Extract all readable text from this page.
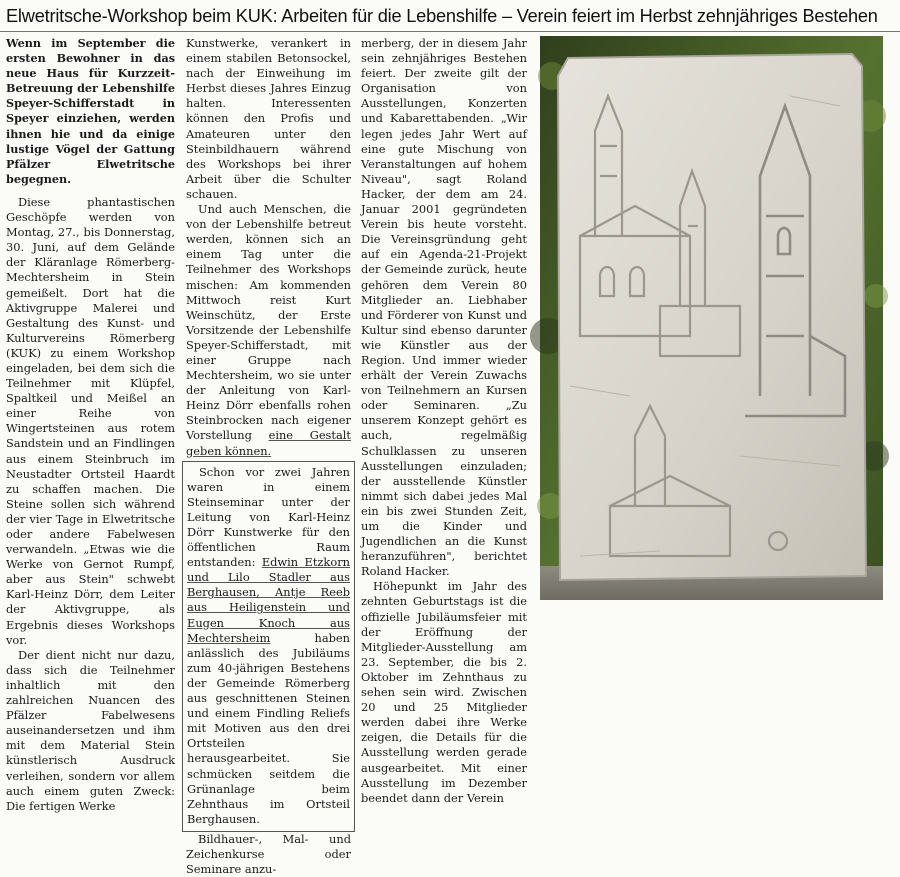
Elwetritsche-Workshop beim KUK: Arbeiten für die Lebenshilfe – Verein feiert im Herbst zehnjähriges Bestehen

Wenn im September die ersten Bewohner in das neue Haus für Kurzzeit-Betreuung der Lebenshilfe Speyer-Schifferstadt in Speyer einziehen, werden ihnen hie und da einige lustige Vögel der Gattung Pfälzer Elwetritsche begegnen.

Diese phantastischen Geschöpfe werden von Montag, 27., bis Donnerstag, 30. Juni, auf dem Gelände der Kläranlage Römerberg-Mechtersheim in Stein gemeißelt. Dort hat die Aktivgruppe Malerei und Gestaltung des Kunst- und Kulturvereins Römerberg (KUK) zu einem Workshop eingeladen, bei dem sich die Teilnehmer mit Klüpfel, Spaltkeil und Meißel an einer Reihe von Wingertsteinen aus rotem Sandstein und an Findlingen aus einem Steinbruch im Neustadter Ortsteil Haardt zu schaffen machen. Die Steine sollen sich während der vier Tage in Elwetritsche oder andere Fabelwesen verwandeln. „Etwas wie die Werke von Gernot Rumpf, aber aus Stein" schwebt Karl-Heinz Dörr, dem Leiter der Aktivgruppe, als Ergebnis dieses Workshops vor.

Der dient nicht nur dazu, dass sich die Teilnehmer inhaltlich mit den zahlreichen Nuancen des Pfälzer Fabelwesens auseinandersetzen und ihm mit dem Material Stein künstlerisch Ausdruck verleihen, sondern vor allem auch einem guten Zweck: Die fertigen Werke

Kunstwerke, verankert in einem stabilen Betonsockel, nach der Einweihung im Herbst dieses Jahres Einzug halten. Interessenten können den Profis und Amateuren unter den Steinbildhauern während des Workshops bei ihrer Arbeit über die Schulter schauen.

Und auch Menschen, die von der Lebenshilfe betreut werden, können sich an einem Tag unter die Teilnehmer des Workshops mischen: Am kommenden Mittwoch reist Kurt Weinschütz, der Erste Vorsitzende der Lebenshilfe Speyer-Schifferstadt, mit einer Gruppe nach Mechtersheim, wo sie unter der Anleitung von Karl-Heinz Dörr ebenfalls rohen Steinbrocken nach eigener Vorstellung eine Gestalt geben können.

Schon vor zwei Jahren waren in einem Steinseminar unter der Leitung von Karl-Heinz Dörr Kunstwerke für den öffentlichen Raum entstanden: Edwin Etzkorn und Lilo Stadler aus Berghausen, Antje Reeb aus Heiligenstein und Eugen Knoch aus Mechtersheim haben anlässlich des Jubiläums zum 40-jährigen Bestehens der Gemeinde Römerberg aus geschnittenen Steinen und einem Findling Reliefs mit Motiven aus den drei Ortsteilen herausgearbeitet. Sie schmücken seitdem die Grünanlage beim Zehnthaus im Ortsteil Berghausen.

Bildhauer-, Mal- und Zeichenkurse oder Seminare anzu-

merberg, der in diesem Jahr sein zehnjähriges Bestehen feiert. Der zweite gilt der Organisation von Ausstellungen, Konzerten und Kabarettabenden. „Wir legen jedes Jahr Wert auf eine gute Mischung von Veranstaltungen auf hohem Niveau", sagt Roland Hacker, der dem am 24. Januar 2001 gegründeten Verein bis heute vorsteht. Die Vereinsgründung geht auf ein Agenda-21-Projekt der Gemeinde zurück, heute gehören dem Verein 80 Mitglieder an. Liebhaber und Förderer von Kunst und Kultur sind ebenso darunter wie Künstler aus der Region. Und immer wieder erhält der Verein Zuwachs von Teilnehmern an Kursen oder Seminaren. „Zu unserem Konzept gehört es auch, regelmäßig Schulklassen zu unseren Ausstellungen einzuladen; der ausstellende Künstler nimmt sich dabei jedes Mal ein bis zwei Stunden Zeit, um die Kinder und Jugendlichen an die Kunst heranzuführen", berichtet Roland Hacker.

Höhepunkt im Jahr des zehnten Geburtstags ist die offizielle Jubiläumsfeier mit der Eröffnung der Mitglieder-Ausstellung am 23. September, die bis 2. Oktober im Zehnthaus zu sehen sein wird. Zwischen 20 und 25 Mitglieder werden dabei ihre Werke zeigen, die Details für die Ausstellung werden gerade ausgearbeitet. Mit einer Ausstellung im Dezember beendet dann der Verein
